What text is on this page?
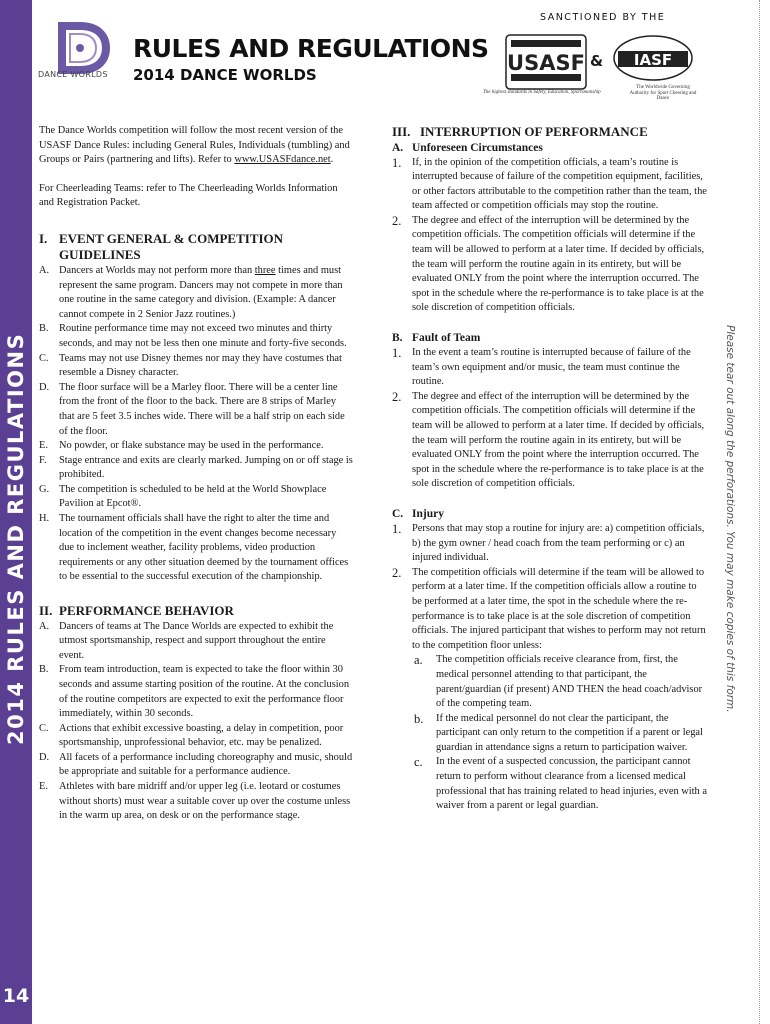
2014 RULES AND REGULATIONS
14
Please tear out along the perforations. You may make copies of this form.
DANCE WORLDS
RULES AND REGULATIONS
2014 DANCE WORLDS
SANCTIONED BY THE
USASF & IASF
The highest standards in Safety, Education, Sportsmanship
The Worldwide Governing Authority for Sport Cheering and Dance

The Dance Worlds competition will follow the most recent version of the USASF Dance Rules: including General Rules, Individuals (tumbling) and Groups or Pairs (partnering and lifts). Refer to www.USASFdance.net.

For Cheerleading Teams: refer to The Cheerleading Worlds Information and Registration Packet.

I. EVENT GENERAL & COMPETITION GUIDELINES
A. Dancers at Worlds may not perform more than three times and must represent the same program. Dancers may not compete in more than one routine in the same category and division. (Example: A dancer cannot compete in 2 Senior Jazz routines.)
B.	Routine performance time may not exceed two minutes and thirty seconds, and may not be less then one minute and forty-five seconds.
C.	Teams may not use Disney themes nor may they have costumes that resemble a Disney character.
D. The floor surface will be a Marley floor. There will be a center line from the front of the floor to the back. There are 8 strips of Marley that are 5 feet 3.5 inches wide. There will be a half strip on each side of the floor.
E.	No powder, or flake substance may be used in the performance.
F.	Stage entrance and exits are clearly marked. Jumping on or off stage is prohibited.
G. The competition is scheduled to be held at the World Showplace Pavilion at Epcot®.
H. The tournament officials shall have the right to alter the time and location of the competition in the event changes become necessary due to inclement weather, facility problems, video production requirements or any other situation deemed by the tournament offices to be essential to the successful execution of the championship.
II. PERFORMANCE BEHAVIOR
A. Dancers of teams at The Dance Worlds are expected to exhibit the utmost sportsmanship, respect and support throughout the entire event.
B.	From team introduction, team is expected to take the floor within 30 seconds and assume starting position of the routine. At the conclusion of the routine competitors are expected to exit the performance floor immediately, within 30 seconds.
C.	Actions that exhibit excessive boasting, a delay in competition, poor sportsmanship, unprofessional behavior, etc. may be penalized.
D. All facets of a performance including choreography and music, should be appropriate and suitable for a performance audience.
E.	Athletes with bare midriff and/or upper leg (i.e. leotard or costumes without shorts) must wear a suitable cover up over the costume unless in the warm up area, on desk or on the performance stage.
III. INTERRUPTION OF PERFORMANCE
A. Unforeseen Circumstances
1.	If, in the opinion of the competition officials, a team’s routine is interrupted because of failure of the competition equipment, facilities, or other factors attributable to the competition rather than the team, the team affected or competition officials may stop the routine.
2.	The degree and effect of the interruption will be determined by the competition officials. The competition officials will determine if the team will be allowed to perform at a later time. If decided by officials, the team will perform the routine again in its entirety, but will be evaluated ONLY from the point where the interruption occurred. The spot in the schedule where the re-performance is to take place is at the sole discretion of competition officials.
B. Fault of Team
1.	In the event a team’s routine is interrupted because of failure of the team’s own equipment and/or music, the team must continue the routine.
2.	The degree and effect of the interruption will be determined by the competition officials. The competition officials will determine if the team will be allowed to perform at a later time. If decided by officials, the team will perform the routine again in its entirety, but will be evaluated ONLY from the point where the interruption occurred. The spot in the schedule where the re-performance is to take place is at the sole discretion of competition officials.
C. Injury
1.	Persons that may stop a routine for injury are: a) competition officials, b) the gym owner / head coach from the team performing or c) an injured individual.
2.	The competition officials will determine if the team will be allowed to perform at a later time. If the competition officials allow a routine to be performed at a later time, the spot in the schedule where the re-performance is to take place is at the sole discretion of competition officials. The injured participant that wishes to perform may not return to the competition floor unless:
a.	The competition officials receive clearance from, first, the medical personnel attending to that participant, the parent/guardian (if present) AND THEN the head coach/advisor of the competing team.
b.	If the medical personnel do not clear the participant, the participant can only return to the competition if a parent or legal guardian in attendance signs a return to participation waiver.
c.	In the event of a suspected concussion, the participant cannot return to perform without clearance from a licensed medical professional that has training related to head injuries, even with a waiver from a parent or legal guardian.
